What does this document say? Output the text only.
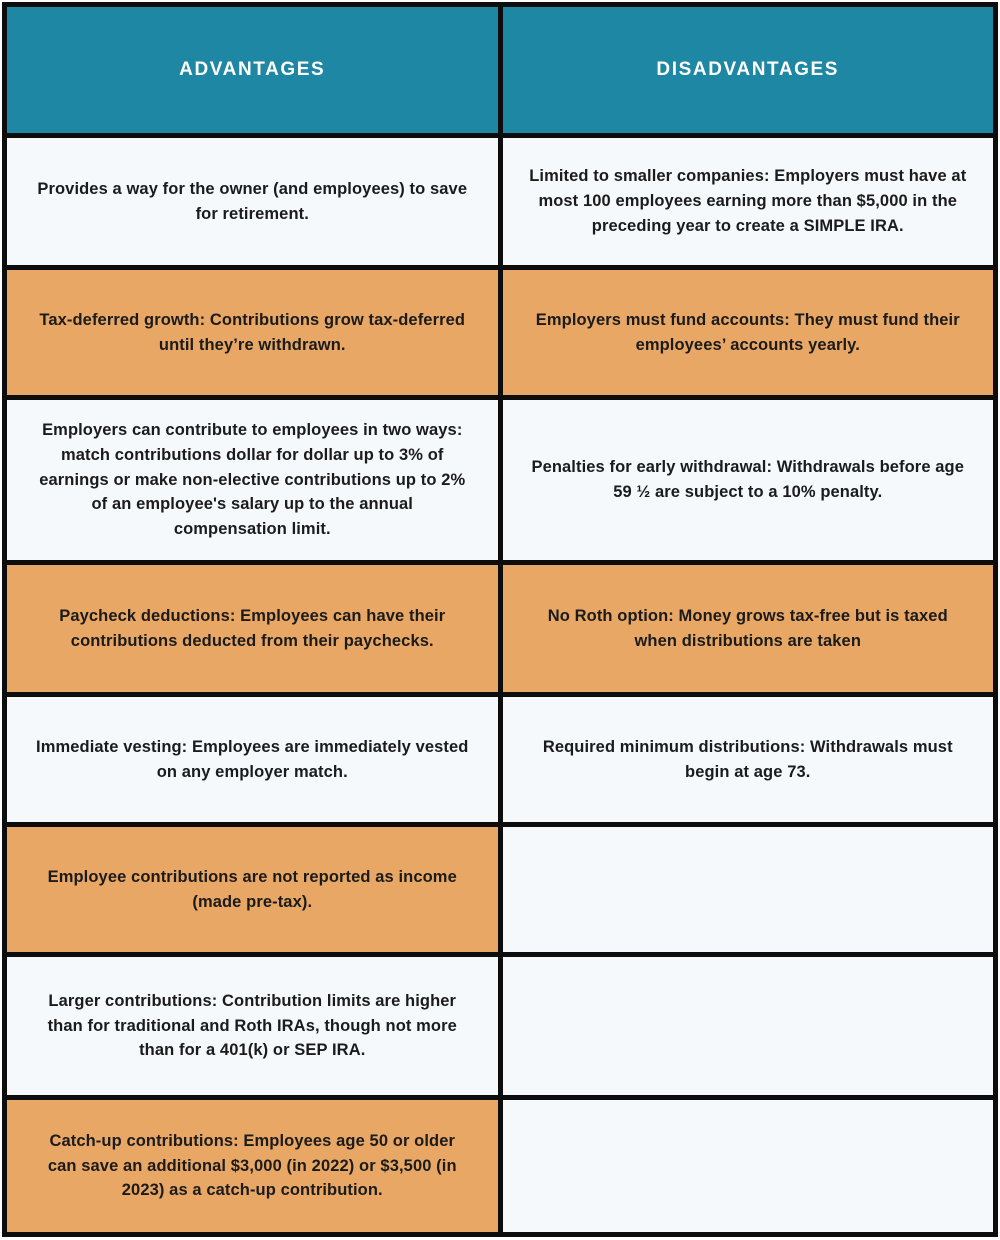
ADVANTAGES	DISADVANTAGES
Provides a way for the owner (and employees) to save for retirement.
Limited to smaller companies: Employers must have at most 100 employees earning more than $5,000 in the preceding year to create a SIMPLE IRA.
Tax-deferred growth: Contributions grow tax-deferred until they’re withdrawn.
Employers must fund accounts: They must fund their employees’ accounts yearly.
Employers can contribute to employees in two ways: match contributions dollar for dollar up to 3% of earnings or make non-elective contributions up to 2% of an employee's salary up to the annual compensation limit.
Penalties for early withdrawal: Withdrawals before age 59 ½ are subject to a 10% penalty.
Paycheck deductions: Employees can have their contributions deducted from their paychecks.
No Roth option: Money grows tax-free but is taxed when distributions are taken
Immediate vesting: Employees are immediately vested on any employer match.
Required minimum distributions: Withdrawals must begin at age 73.
Employee contributions are not reported as income (made pre-tax).
Larger contributions: Contribution limits are higher than for traditional and Roth IRAs, though not more than for a 401(k) or SEP IRA.
Catch-up contributions: Employees age 50 or older can save an additional $3,000 (in 2022) or $3,500 (in 2023) as a catch-up contribution.
